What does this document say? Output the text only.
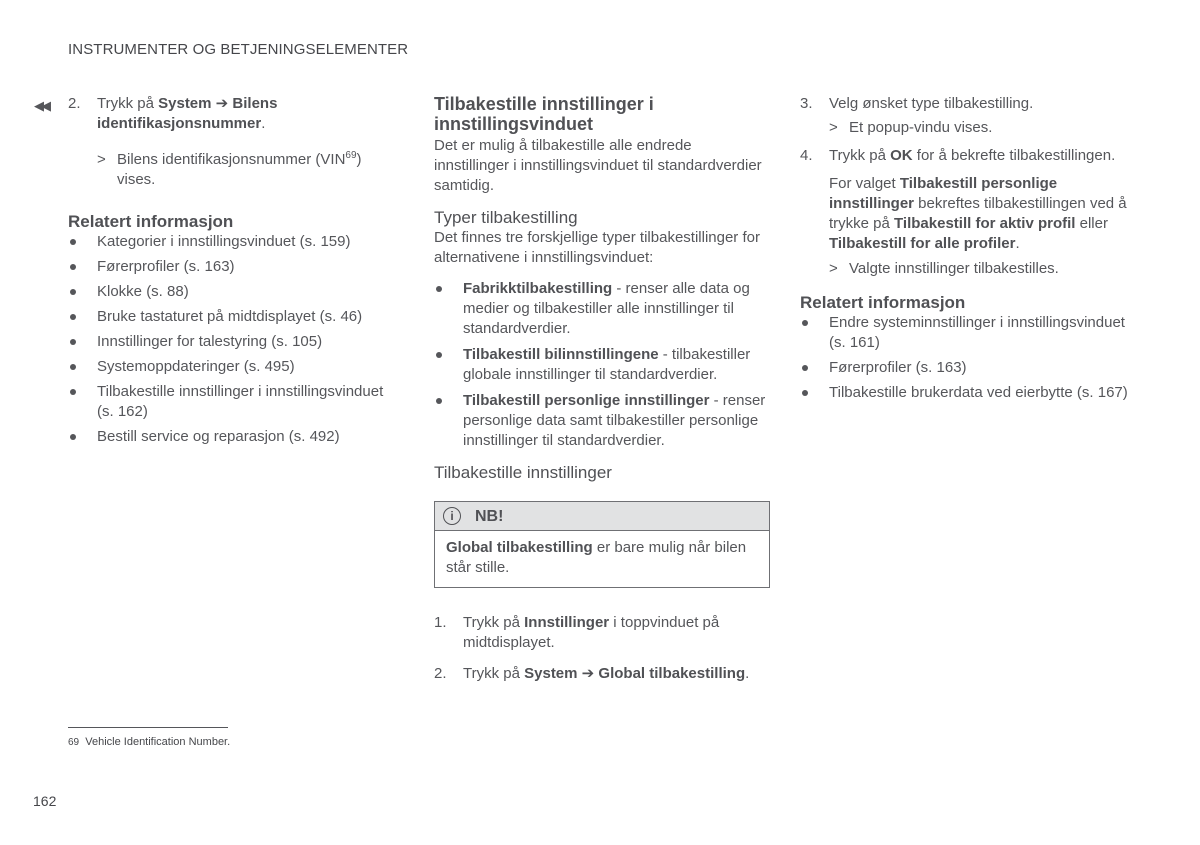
INSTRUMENTER OG BETJENINGSELEMENTER
◀◀ 2. Trykk på System ➔ Bilens identifikasjonsnummer.
> Bilens identifikasjonsnummer (VIN$^{69}$) vises.
Relatert informasjon
Kategorier i innstillingsvinduet (s. 159)
Førerprofiler (s. 163)
Klokke (s. 88)
Bruke tastaturet på midtdisplayet (s. 46)
Innstillinger for talestyring (s. 105)
Systemoppdateringer (s. 495)
Tilbakestille innstillinger i innstillingsvinduet (s. 162)
Bestill service og reparasjon (s. 492)
Tilbakestille innstillinger i innstillingsvinduet
Det er mulig å tilbakestille alle endrede innstillinger i innstillingsvinduet til standardverdier samtidig.
Typer tilbakestilling
Det finnes tre forskjellige typer tilbakestillinger for alternativene i innstillingsvinduet:
Fabrikktilbakestilling - renser alle data og medier og tilbakestiller alle innstillinger til standardverdier.
Tilbakestill bilinnstillingene - tilbakestiller globale innstillinger til standardverdier.
Tilbakestill personlige innstillinger - renser personlige data samt tilbakestiller personlige innstillinger til standardverdier.
Tilbakestille innstillinger
i	NB!
Global tilbakestilling er bare mulig når bilen står stille.
1. Trykk på Innstillinger i toppvinduet på midtdisplayet.
2. Trykk på System ➔ Global tilbakestilling.
3. Velg ønsket type tilbakestilling.
> Et popup-vindu vises.
4. Trykk på OK for å bekrefte tilbakestillingen.
For valget Tilbakestill personlige innstillinger bekreftes tilbakestillingen ved å trykke på Tilbakestill for aktiv profil eller Tilbakestill for alle profiler.
> Valgte innstillinger tilbakestilles.
Relatert informasjon
Endre systeminnstillinger i innstillingsvinduet (s. 161)
Førerprofiler (s. 163)
Tilbakestille brukerdata ved eierbytte (s. 167)
69 Vehicle Identification Number.
162
